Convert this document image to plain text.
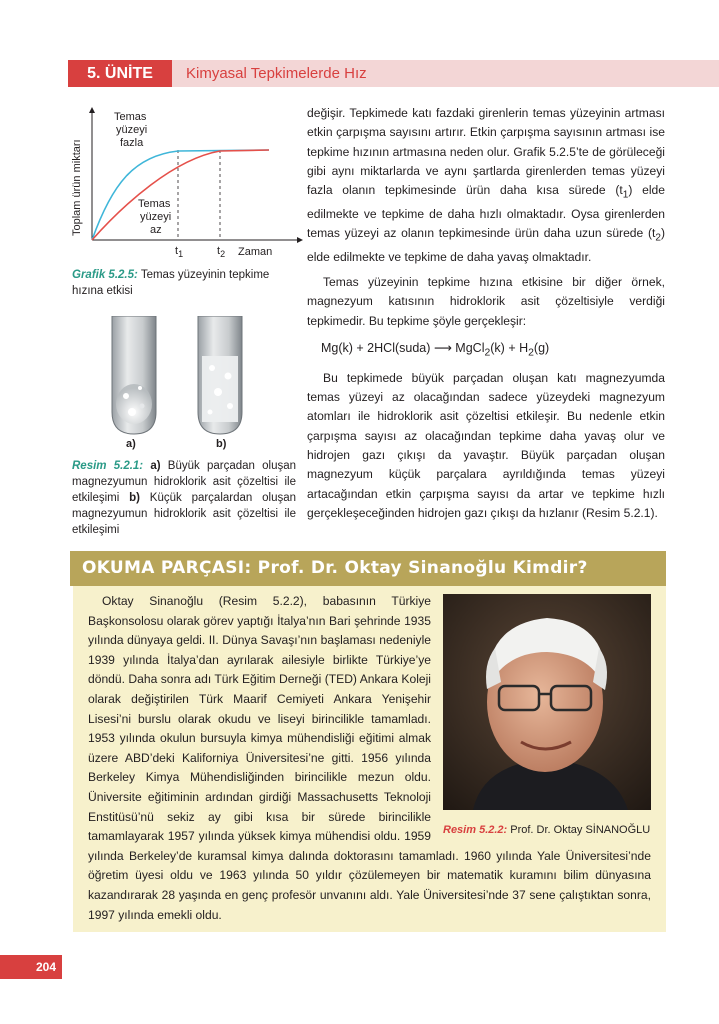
5. ÜNİTE	Kimyasal Tepkimelerde Hız
Toplam ürün miktarı
Temas
yüzeyi
fazla
Temas
yüzeyi
az
$t_1$	$t_2$ Zaman
Grafik 5.2.5: Temas yüzeyinin tepkime hızına etkisi
a)	b)
Resim 5.2.1: a) Büyük parçadan oluşan magnezyumun hidroklorik asit çözeltisi ile etkileşimi b) Küçük parçalardan oluşan magnezyumun hidroklorik asit çözeltisi ile etkileşimi

değişir. Tepkimede katı fazdaki girenlerin temas yüzeyinin artması etkin çarpışma sayısını artırır. Etkin çarpışma sayısının artması ise tepkime hızının artmasına neden olur. Grafik 5.2.5’te de görüleceği gibi aynı miktarlarda ve aynı şartlarda girenlerden temas yüzeyi fazla olanın tepkimesinde ürün daha kısa sürede $(t_1)$ elde edilmekte ve tepkime de daha hızlı olmaktadır. Oysa girenlerden temas yüzeyi az olanın tepkimesinde ürün daha uzun sürede $(t_2)$ elde edilmekte ve tepkime de daha yavaş olmaktadır.

Temas yüzeyinin tepkime hızına etkisine bir diğer örnek, magnezyum katısının hidroklorik asit çözeltisiyle verdiği tepkimedir. Bu tepkime şöyle gerçekleşir:

Mg(k) + 2HCl(suda) ⟶ MgCl$_2$(k) + $H_2(g)$

Bu tepkimede büyük parçadan oluşan katı magnezyumda temas yüzeyi az olacağından sadece yüzeydeki magnezyum atomları ile hidroklorik asit çözeltisi etkileşir. Bu nedenle etkin çarpışma sayısı az olacağından tepkime daha yavaş olur ve hidrojen gazı çıkışı da yavaştır. Büyük parçadan oluşan magnezyum küçük parçalara ayrıldığında temas yüzeyi artacağından etkin çarpışma sayısı da artar ve tepkime hızlı gerçekleşeceğinden hidrojen gazı çıkışı da hızlanır (Resim 5.2.1).

OKUMA PARÇASI: Prof. Dr. Oktay Sinanoğlu Kimdir?
Resim 5.2.2: Prof. Dr. Oktay SİNANOĞLU

Oktay Sinanoğlu (Resim 5.2.2), babasının Türkiye Başkonsolosu olarak görev yaptığı İtalya’nın Bari şehrinde 1935 yılında dünyaya geldi. II. Dünya Savaşı’nın başlaması nedeniyle 1939 yılında İtalya’dan ayrılarak ailesiyle birlikte Türkiye’ye döndü. Daha sonra adı Türk Eğitim Derneği (TED) Ankara Koleji olarak değiştirilen Türk Maarif Cemiyeti Ankara Yenişehir Lisesi’ni burslu olarak okudu ve liseyi birincilikle tamamladı. 1953 yılında okulun bursuyla kimya mühendisliği eğitimi almak üzere ABD’deki Kaliforniya Üniversitesi’ne gitti. 1956 yılında Berkeley Kimya Mühendisliğinden birincilikle mezun oldu. Üniversite eğitiminin ardından girdiği Massachusetts Teknoloji Enstitüsü’nü sekiz ay gibi kısa bir sürede birincilikle tamamlayarak 1957 yılında yüksek kimya mühendisi oldu. 1959 yılında Berkeley’de kuramsal kimya dalında doktorasını tamamladı. 1960 yılında Yale Üniversitesi’nde öğretim üyesi oldu ve 1963 yılında 50 yıldır çözülemeyen bir matematik kuramını bilim dünyasına kazandırarak 28 yaşında en genç profesör unvanını aldı. Yale Üniversitesi’nde 37 sene çalıştıktan sonra, 1997 yılında emekli oldu.

204
